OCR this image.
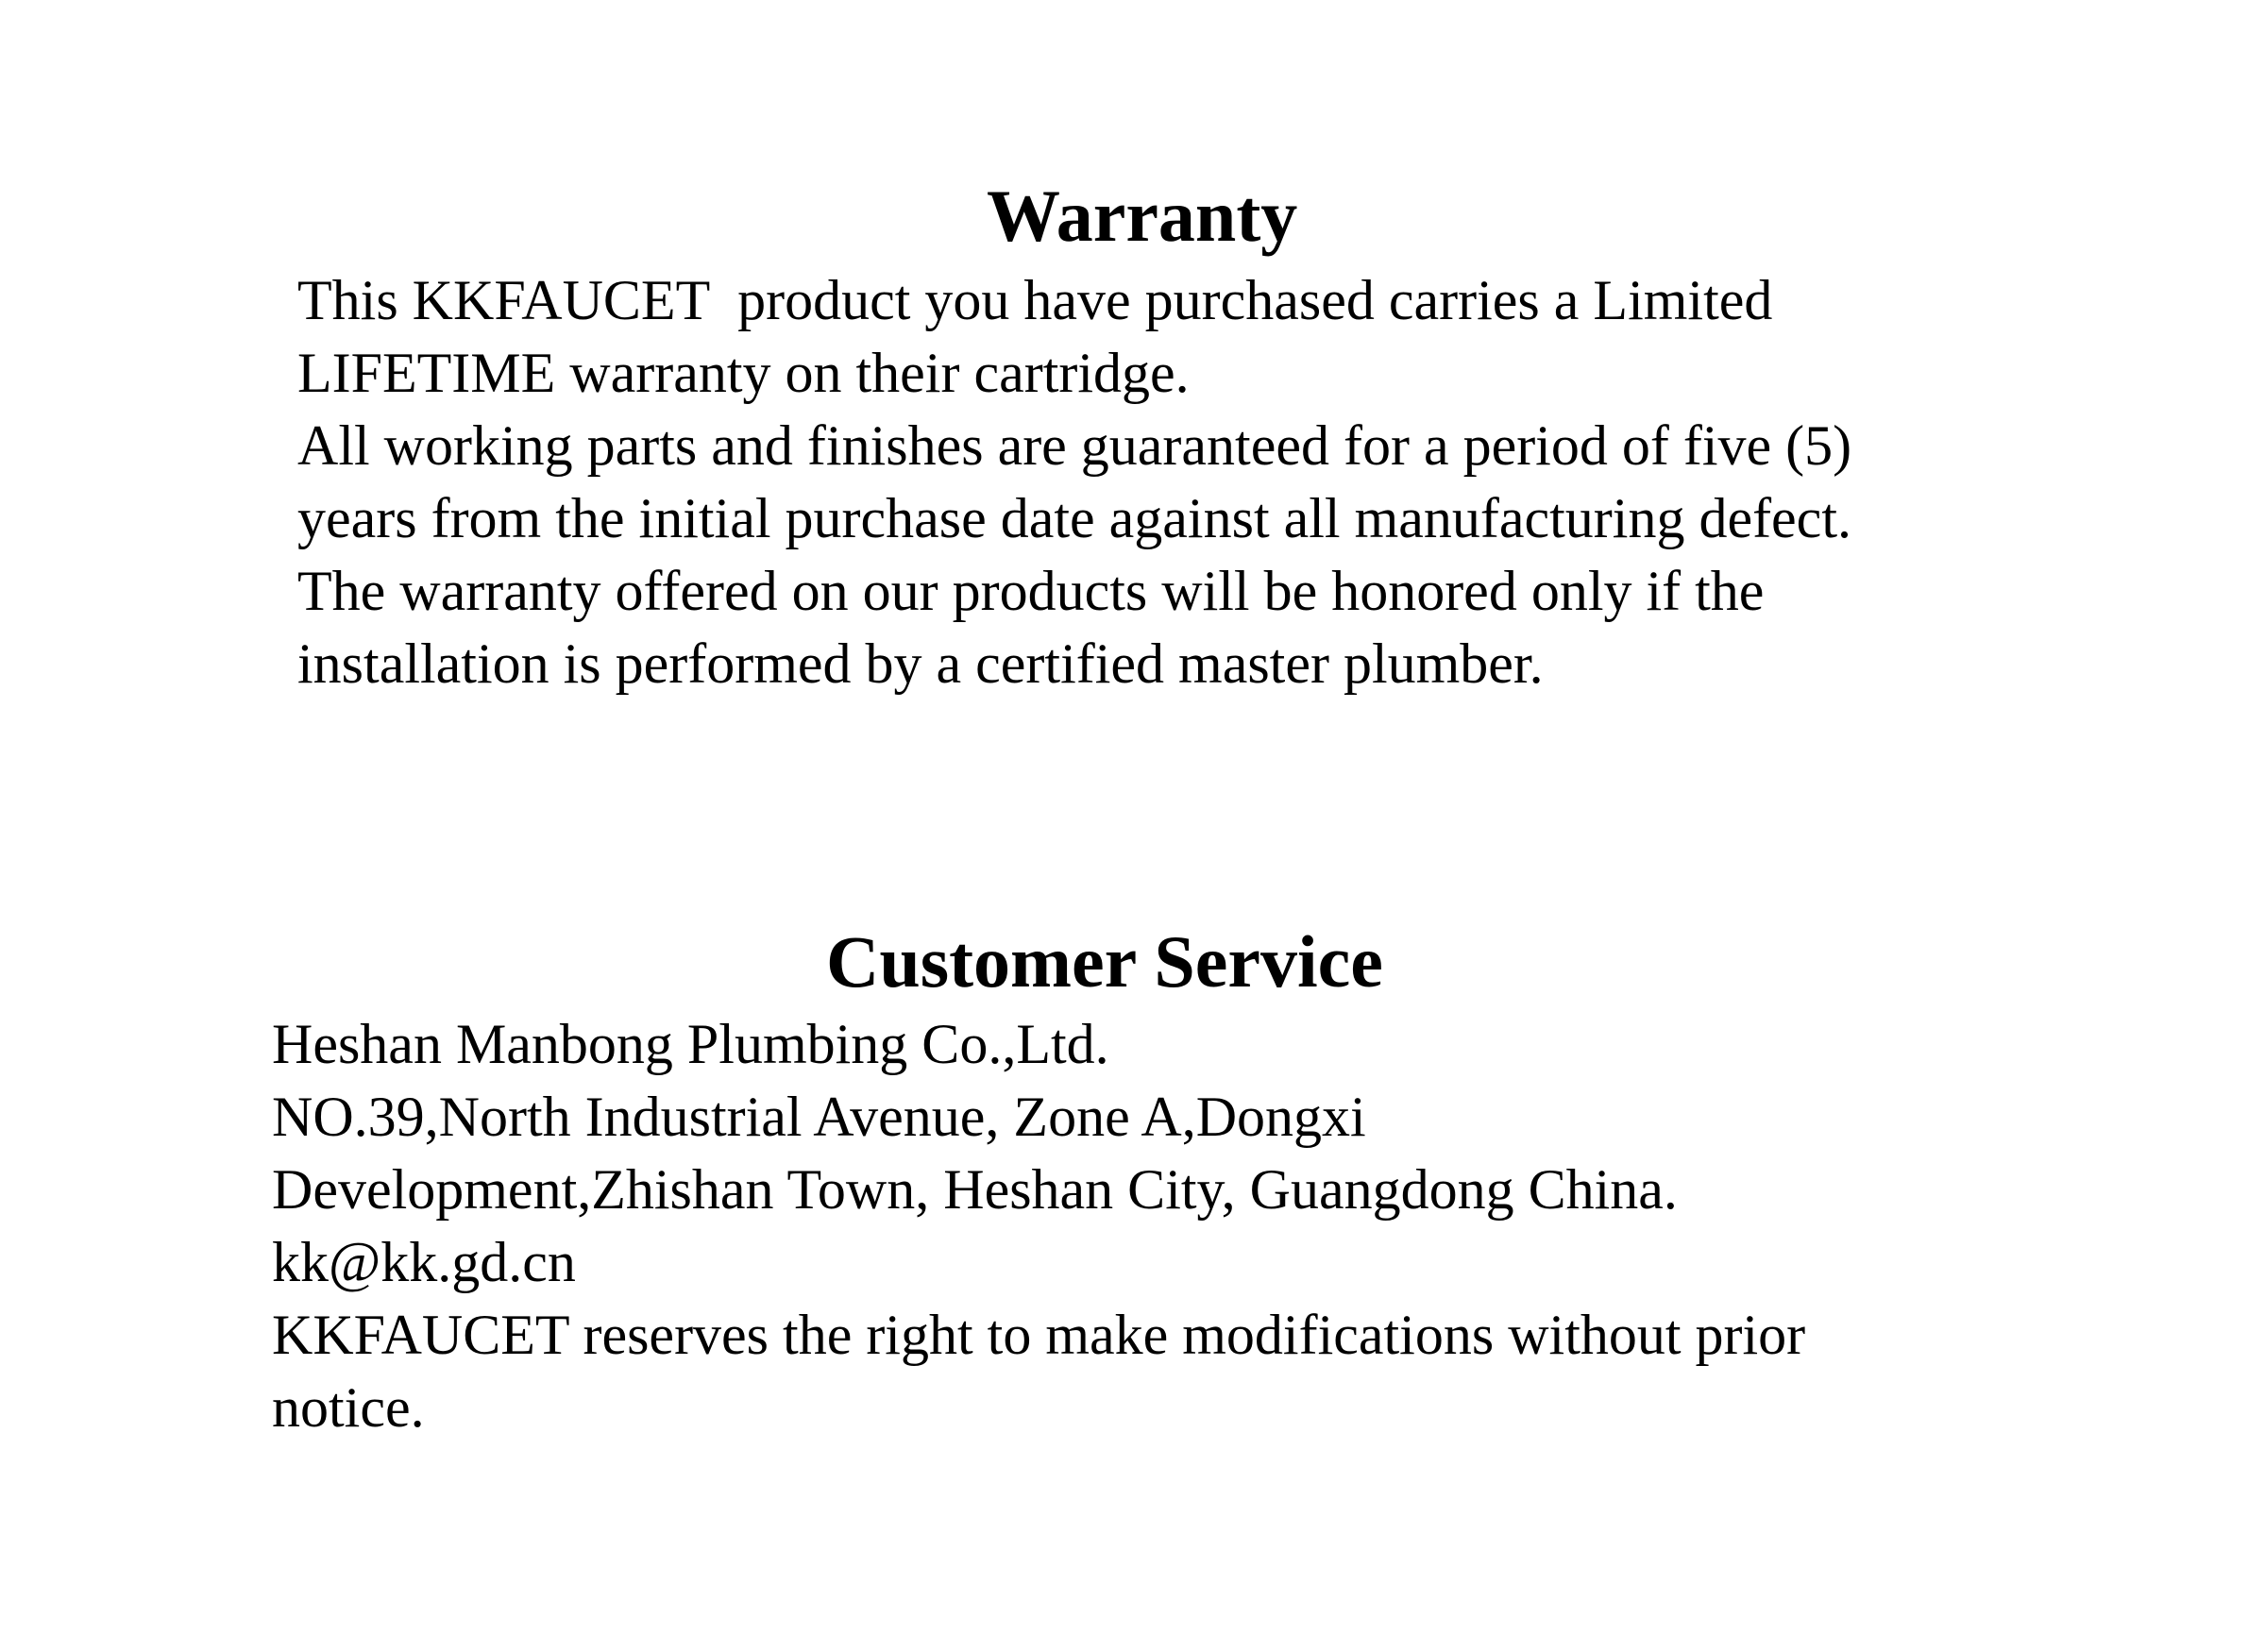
Warranty
This KKFAUCET  product you have purchased carries a Limited
LIFETIME warranty on their cartridge.
All working parts and finishes are guaranteed for a period of five (5)
years from the initial purchase date against all manufacturing defect.
The warranty offered on our products will be honored only if the
installation is performed by a certified master plumber.
Customer Service
Heshan Manbong Plumbing Co.,Ltd.
NO.39,North Industrial Avenue, Zone A,Dongxi
Development,Zhishan Town, Heshan City, Guangdong China.
kk@kk.gd.cn
KKFAUCET reserves the right to make modifications without prior
notice.
